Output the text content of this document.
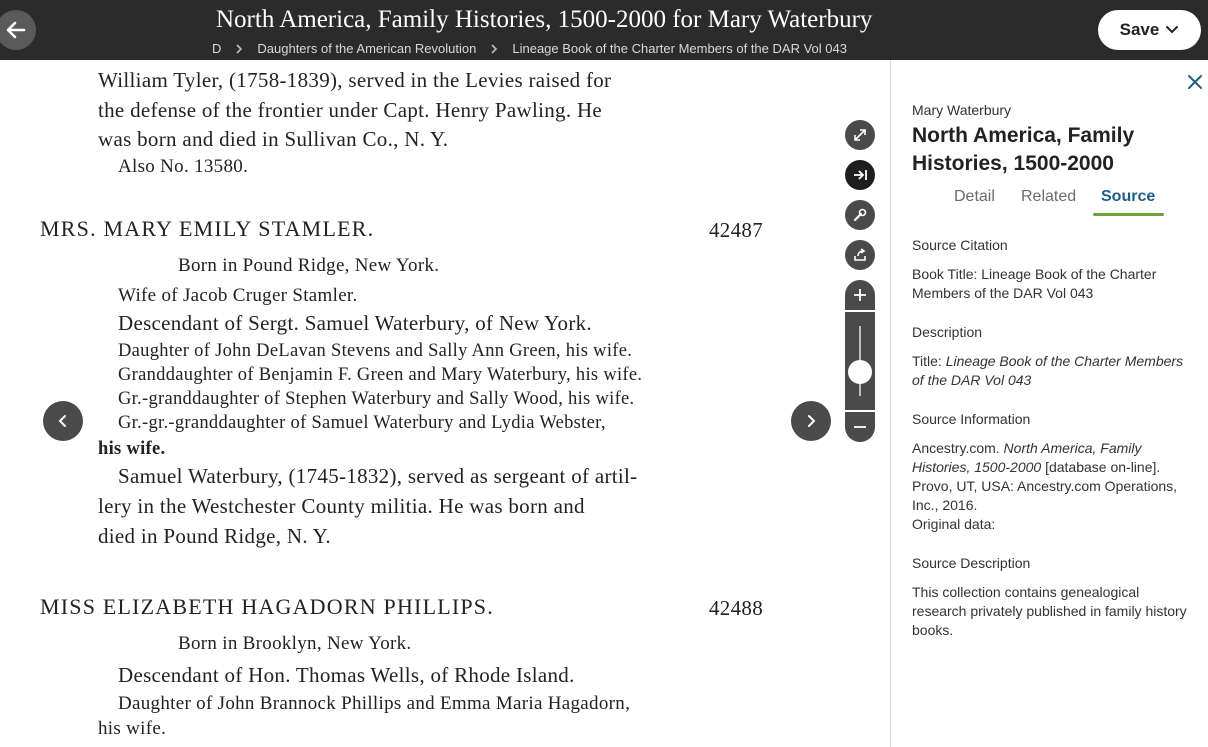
North America, Family Histories, 1500-2000 for Mary Waterbury
D	Daughters of the American Revolution	Lineage Book of the Charter Members of the DAR Vol 043
Save
William Tyler, (1758-1839), served in the Levies raised for
the defense of the frontier under Capt. Henry Pawling. He
was born and died in Sullivan Co., N. Y.
Also No. 13580.
MRS. MARY EMILY STAMLER.	42487
Born in Pound Ridge, New York.
Wife of Jacob Cruger Stamler.
Descendant of Sergt. Samuel Waterbury, of New York.
Daughter of John DeLavan Stevens and Sally Ann Green, his wife.
Granddaughter of Benjamin F. Green and Mary Waterbury, his wife.
Gr.-granddaughter of Stephen Waterbury and Sally Wood, his wife.
Gr.-gr.-granddaughter of Samuel Waterbury and Lydia Webster,
his wife.
Samuel Waterbury, (1745-1832), served as sergeant of artil-
lery in the Westchester County militia. He was born and
died in Pound Ridge, N. Y.
MISS ELIZABETH HAGADORN PHILLIPS.	42488
Born in Brooklyn, New York.
Descendant of Hon. Thomas Wells, of Rhode Island.
Daughter of John Brannock Phillips and Emma Maria Hagadorn,
his wife.
Mary Waterbury
North America, Family Histories, 1500-2000
Detail Related Source
Source Citation
Book Title: Lineage Book of the Charter Members of the DAR Vol 043
Description
Title: Lineage Book of the Charter Members of the DAR Vol 043
Source Information
Ancestry.com. North America, Family Histories, 1500-2000 [database on-line]. Provo, UT, USA: Ancestry.com Operations, Inc., 2016.
Original data:
Source Description
This collection contains genealogical research privately published in family history books.
